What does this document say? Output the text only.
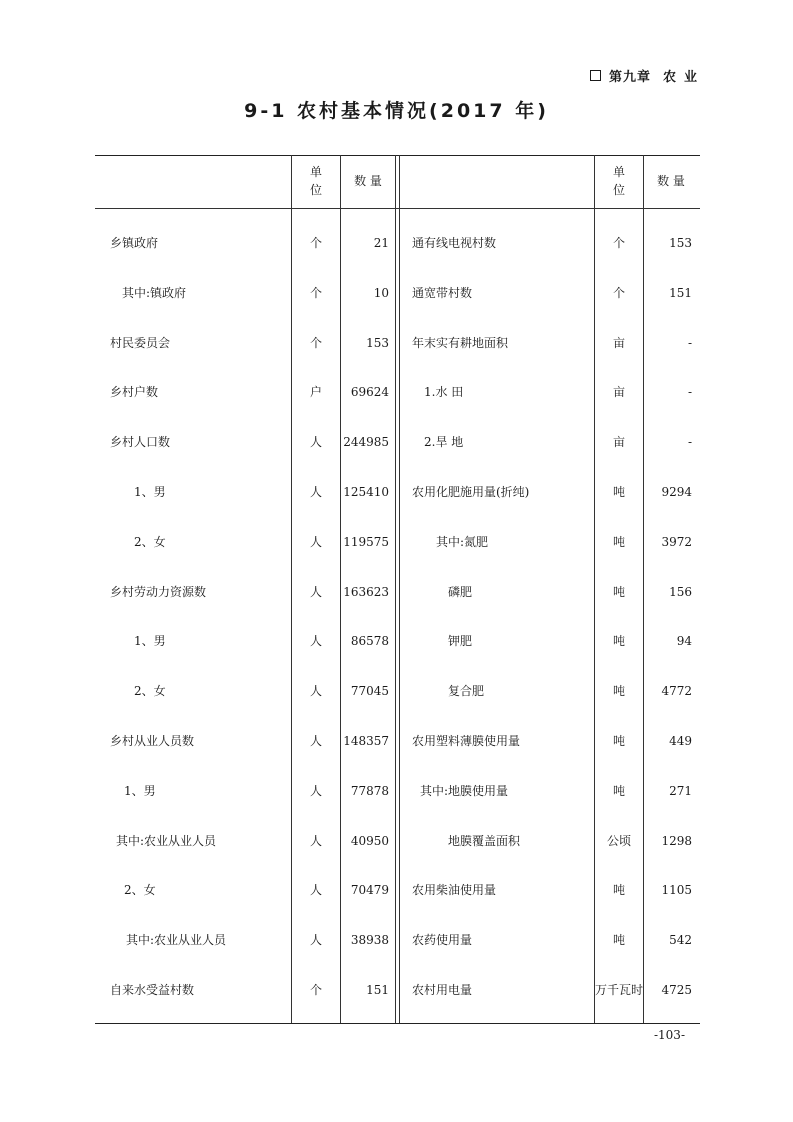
第九章 农业
9-1 农村基本情况(2017 年)
单
位
数 量
单
位
数 量
乡镇政府	个	21 通有线电视村数	个	153
其中:镇政府	个	10 通宽带村数	个	151
村民委员会	个	153 年末实有耕地面积	亩	-
乡村户数	户	69624	1.水 田	亩	-
乡村人口数	人	244985	2.旱 地	亩	-
1、男	人	125410 农用化肥施用量(折纯)	吨	9294
2、女	人	119575	其中:氮肥	吨	3972
乡村劳动力资源数	人	163623	磷肥	吨	156
1、男	人	86578	钾肥	吨	94
2、女	人	77045	复合肥	吨	4772
乡村从业人员数	人	148357 农用塑料薄膜使用量	吨	449
1、男	人	77878	其中:地膜使用量	吨	271
其中:农业从业人员	人	40950	地膜覆盖面积	公顷	1298
2、女	人	70479 农用柴油使用量	吨	1105
其中:农业从业人员	人	38938 农药使用量	吨	542
自来水受益村数	个	151 农村用电量	万千瓦时 4725
-103-
